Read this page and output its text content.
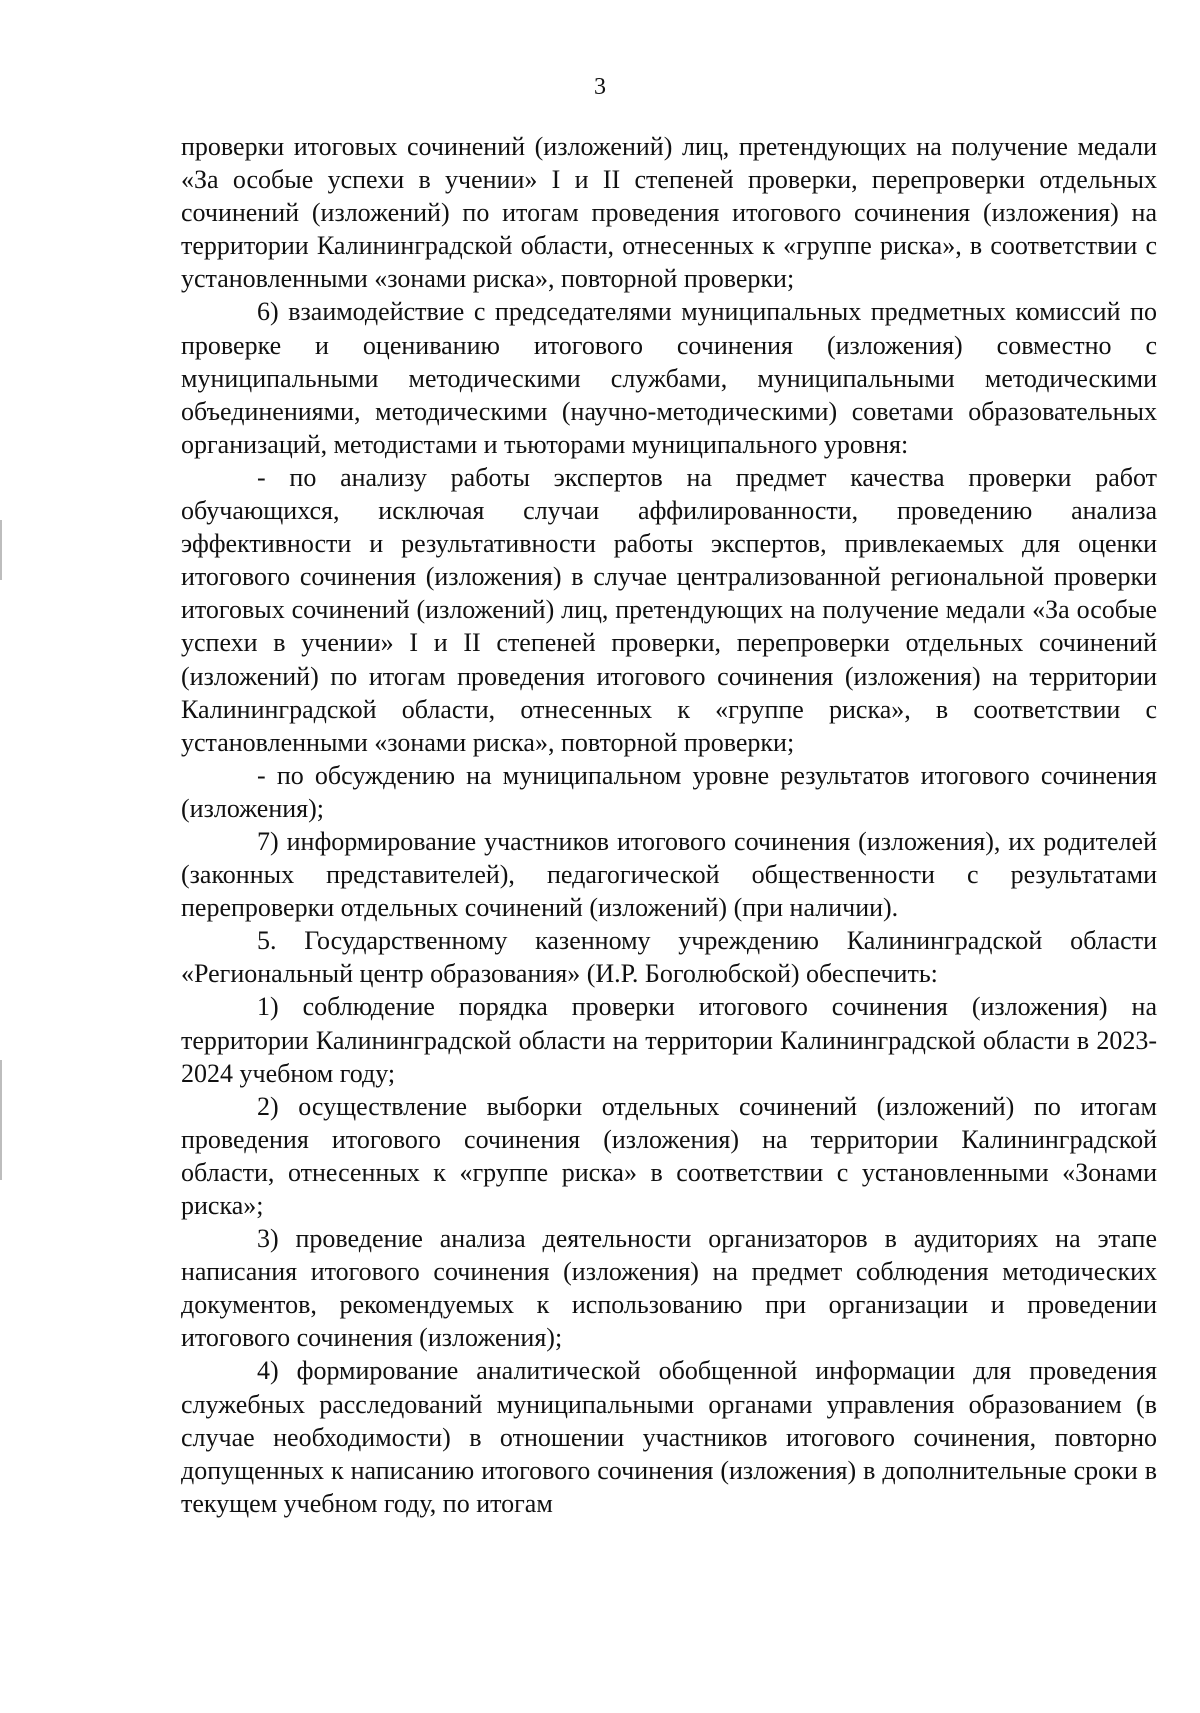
3

проверки итоговых сочинений (изложений) лиц, претендующих на получение медали «За особые успехи в учении» I и II степеней проверки, перепроверки отдельных сочинений (изложений) по итогам проведения итогового сочинения (изложения) на территории Калининградской области, отнесенных к «группе риска», в соответствии с установленными «зонами риска», повторной проверки;

6) взаимодействие с председателями муниципальных предметных комиссий по проверке и оцениванию итогового сочинения (изложения) совместно с муниципальными методическими службами, муниципальными методическими объединениями, методическими (научно-методическими) советами образовательных организаций, методистами и тьюторами муниципального уровня:

- по анализу работы экспертов на предмет качества проверки работ обучающихся, исключая случаи аффилированности, проведению анализа эффективности и результативности работы экспертов, привлекаемых для оценки итогового сочинения (изложения) в случае централизованной региональной проверки итоговых сочинений (изложений) лиц, претендующих на получение медали «За особые успехи в учении» I и II степеней проверки, перепроверки отдельных сочинений (изложений) по итогам проведения итогового сочинения (изложения) на территории Калининградской области, отнесенных к «группе риска», в соответствии с установленными «зонами риска», повторной проверки;

- по обсуждению на муниципальном уровне результатов итогового сочинения (изложения);

7) информирование участников итогового сочинения (изложения), их родителей (законных представителей), педагогической общественности с результатами перепроверки отдельных сочинений (изложений) (при наличии).

5. Государственному казенному учреждению Калининградской области «Региональный центр образования» (И.Р. Боголюбской) обеспечить:

1) соблюдение порядка проверки итогового сочинения (изложения) на территории Калининградской области на территории Калининградской области в 2023-2024 учебном году;

2) осуществление выборки отдельных сочинений (изложений) по итогам проведения итогового сочинения (изложения) на территории Калининградской области, отнесенных к «группе риска» в соответствии с установленными «Зонами риска»;

3) проведение анализа деятельности организаторов в аудиториях на этапе написания итогового сочинения (изложения) на предмет соблюдения методических документов, рекомендуемых к использованию при организации и проведении итогового сочинения (изложения);

4) формирование аналитической обобщенной информации для проведения служебных расследований муниципальными органами управления образованием (в случае необходимости) в отношении участников итогового сочинения, повторно допущенных к написанию итогового сочинения (изложения) в дополнительные сроки в текущем учебном году, по итогам
